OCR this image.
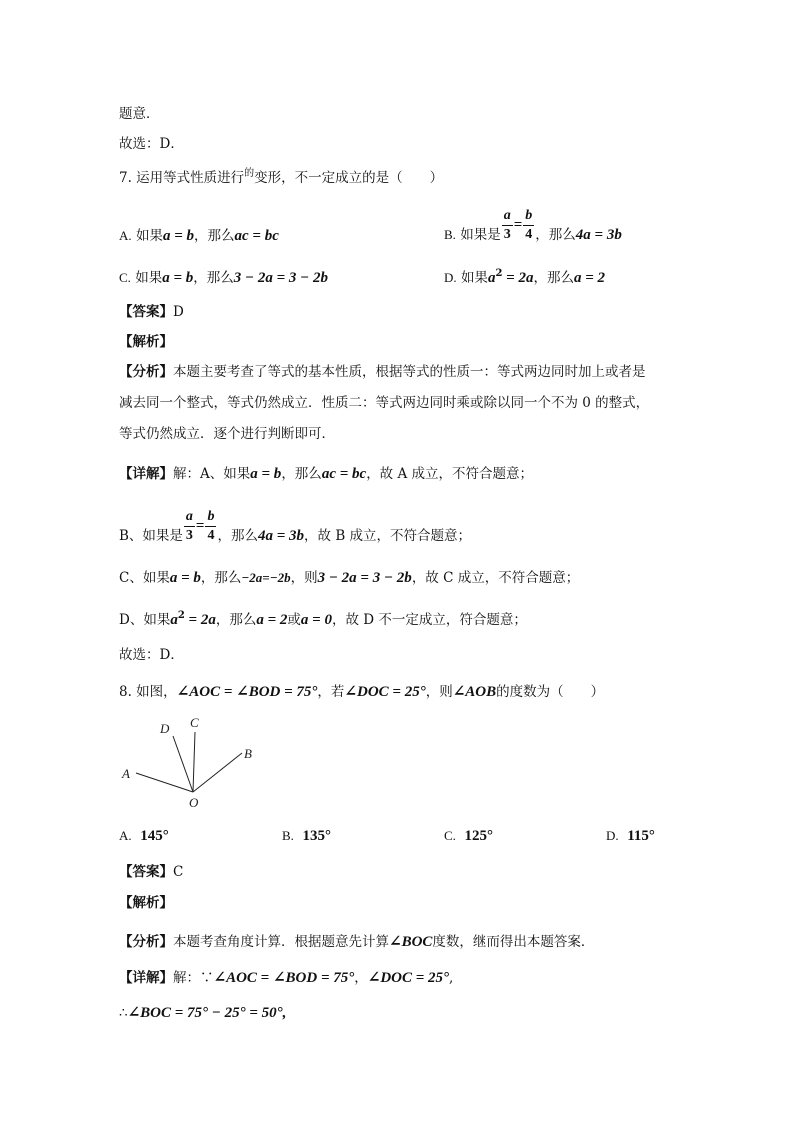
题意．
故选：D．
7. 运用等式性质进行$^的$变形，不一定成立的是（　　）
A. 如果a = b，那么ac = bc	B. 如果是 $\frac{a}{3} = \frac{b}{4}$ ，那么4a = 3b
C. 如果a = b，那么3 − 2a = 3 − 2b	D. 如果$a^2 = 2a$，那么a = 2
【答案】D
【解析】
【分析】本题主要考查了等式的基本性质，根据等式的性质一：等式两边同时加上或者是
减去同一个整式，等式仍然成立．性质二：等式两边同时乘或除以同一个不为 0 的整式，
等式仍然成立．逐个进行判断即可．
【详解】解：A、如果a = b，那么ac = bc，故 A 成立，不符合题意；
B、如果是 $\frac{a}{3} = \frac{b}{4}$ ，那么4a = 3b，故 B 成立，不符合题意；
C、如果a = b，那么−2a=−2b，则3 − 2a = 3 − 2b，故 C 成立，不符合题意；
D、如果$a^2 = 2a$，那么a = 2或a = 0，故 D 不一定成立，符合题意；
故选：D．
8. 如图，∠AOC = ∠BOD = 75°，若∠DOC = 25°，则∠AOB的度数为（　　）
A
D C
B
O
A. 145°	B. 135°	C. 125°	D. 115°
【答案】C
【解析】
【分析】本题考查角度计算．根据题意先计算∠BOC度数，继而得出本题答案．
【详解】解：∵∠AOC = ∠BOD = 75°，∠DOC = 25°,
∴∠BOC = 75° − 25° = 50°,
